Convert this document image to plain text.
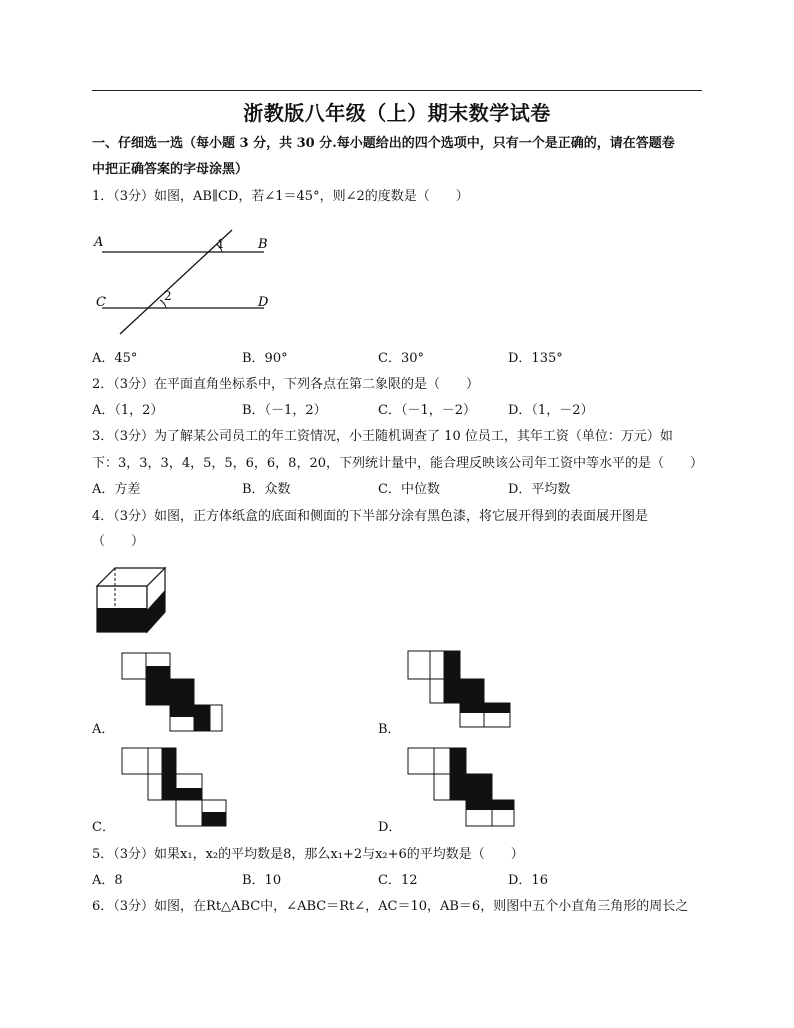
浙教版八年级（上）期末数学试卷
一、仔细选一选（每小题 3 分，共 30 分.每小题给出的四个选项中，只有一个是正确的，请在答题卷
中把正确答案的字母涂黑）
1．（3分）如图，AB∥CD，若∠1＝45°，则∠2的度数是（　　）
A	B
C	D
1
2
A．45°	B．90°	C．30°	D．135°
2．（3分）在平面直角坐标系中，下列各点在第二象限的是（　　）
A．（1，2）	B．（－1，2）	C．（－1，－2） D．（1，－2）
3．（3分）为了解某公司员工的年工资情况，小王随机调查了 10 位员工，其年工资（单位：万元）如
下：3，3，3，4，5，5，6，6，8，20，下列统计量中，能合理反映该公司年工资中等水平的是（　　）
A．方差	B．众数	C．中位数	D．平均数
4．（3分）如图，正方体纸盒的底面和侧面的下半部分涂有黑色漆，将它展开得到的表面展开图是
（　　）
A．	B．
C．	D．
5．（3分）如果x₁，x₂的平均数是8，那么x₁+2与x₂+6的平均数是（　　）
A．8	B．10	C．12	D．16
6．（3分）如图，在Rt△ABC中，∠ABC＝Rt∠，AC＝10，AB＝6，则图中五个小直角三角形的周长之
